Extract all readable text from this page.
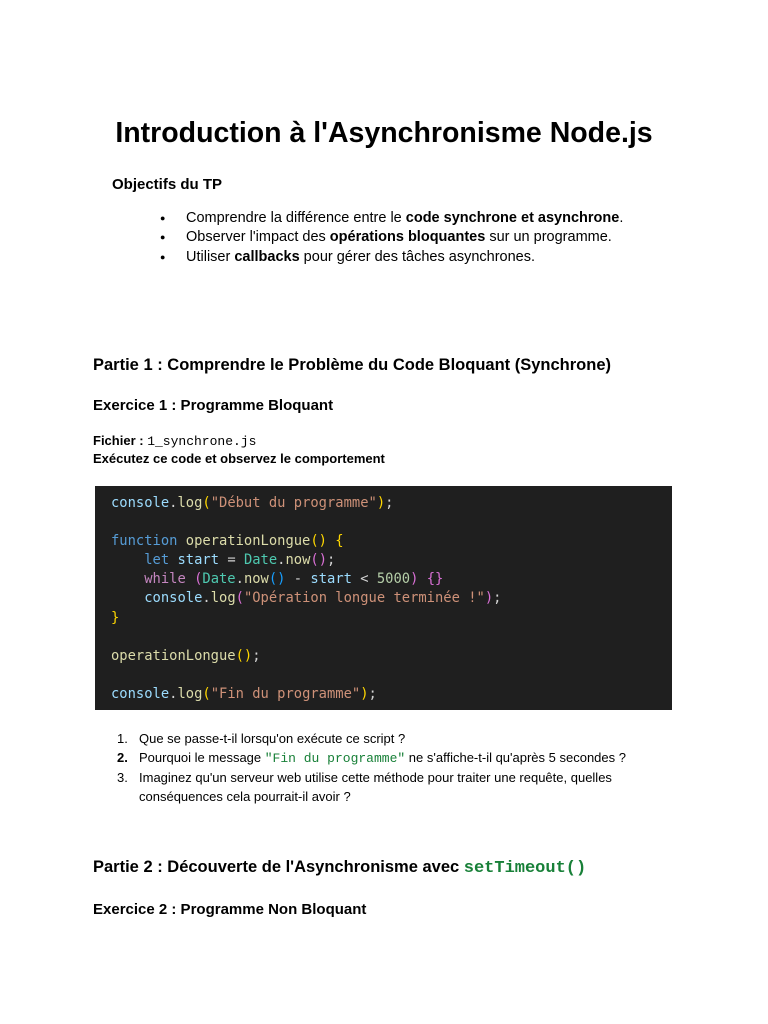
Introduction à l'Asynchronisme Node.js
Objectifs du TP
● Comprendre la différence entre le code synchrone et asynchrone.
● Observer l'impact des opérations bloquantes sur un programme.
● Utiliser callbacks pour gérer des tâches asynchrones.
Partie 1 : Comprendre le Problème du Code Bloquant (Synchrone)
Exercice 1 : Programme Bloquant
Fichier : 1_synchrone.js
Exécutez ce code et observez le comportement
console.log("Début du programme");

function operationLongue() {
let start = Date.now();
while (Date.now() - start < 5000) {}
console.log("Opération longue terminée !");
}

operationLongue();

console.log("Fin du programme");
1. Que se passe-t-il lorsqu'on exécute ce script ?
2. Pourquoi le message "Fin du programme" ne s'affiche-t-il qu'après 5 secondes ?
3. Imaginez qu'un serveur web utilise cette méthode pour traiter une requête, quelles conséquences cela pourrait-il avoir ?
Partie 2 : Découverte de l'Asynchronisme avec setTimeout()
Exercice 2 : Programme Non Bloquant
